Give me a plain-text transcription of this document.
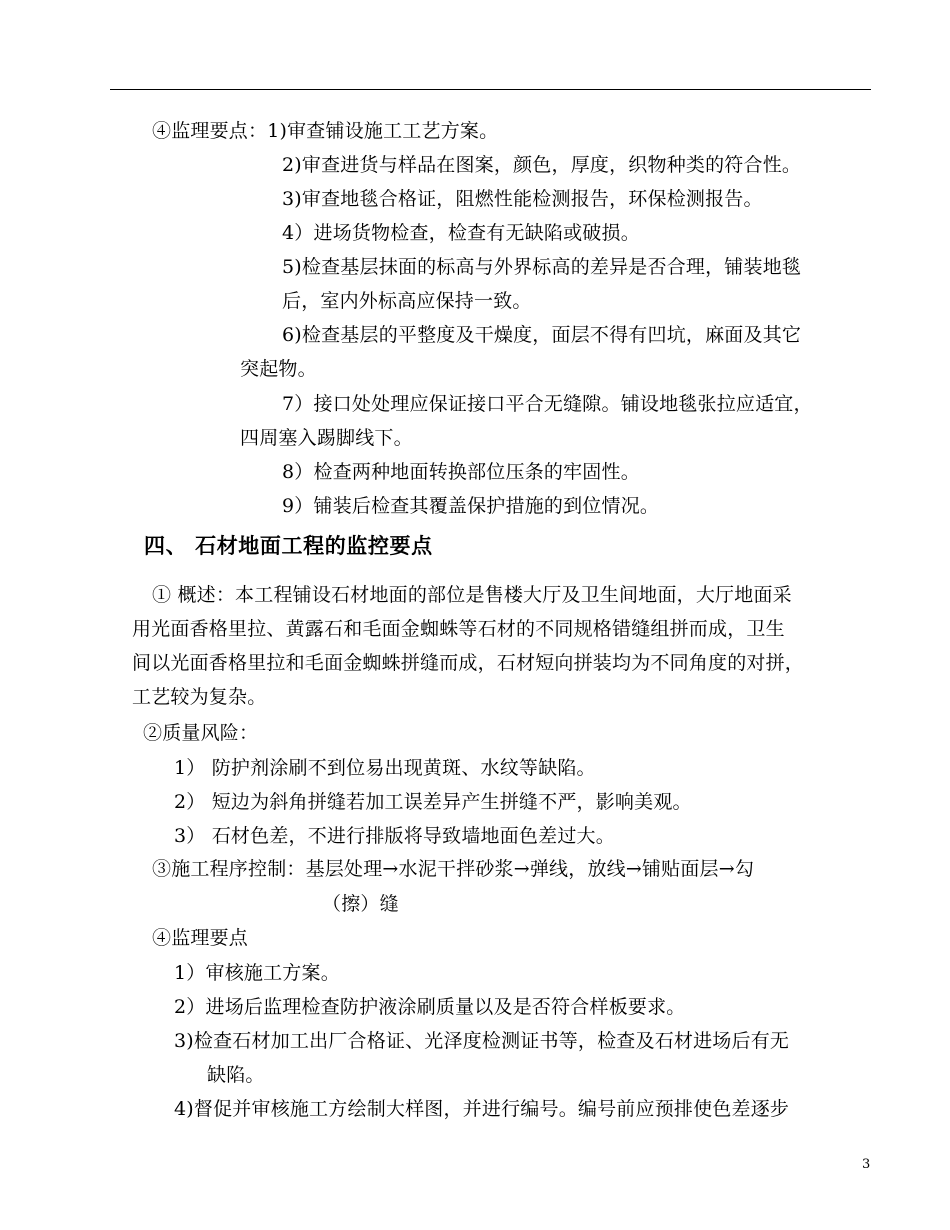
④监理要点：1)审查铺设施工工艺方案。
2)审查进货与样品在图案，颜色，厚度，织物种类的符合性。
3)审查地毯合格证，阻燃性能检测报告，环保检测报告。
4）进场货物检查，检查有无缺陷或破损。
5)检查基层抹面的标高与外界标高的差异是否合理，铺装地毯
后，室内外标高应保持一致。
6)检查基层的平整度及干燥度，面层不得有凹坑，麻面及其它
突起物。
7）接口处处理应保证接口平合无缝隙。铺设地毯张拉应适宜，
四周塞入踢脚线下。
8）检查两种地面转换部位压条的牢固性。
9）铺装后检查其覆盖保护措施的到位情况。
四、 石材地面工程的监控要点
① 概述：本工程铺设石材地面的部位是售楼大厅及卫生间地面，大厅地面采
用光面香格里拉、黄露石和毛面金蜘蛛等石材的不同规格错缝组拼而成，卫生
间以光面香格里拉和毛面金蜘蛛拼缝而成，石材短向拼装均为不同角度的对拼，
工艺较为复杂。
②质量风险：
1） 防护剂涂刷不到位易出现黄斑、水纹等缺陷。
2） 短边为斜角拼缝若加工误差异产生拼缝不严，影响美观。
3） 石材色差，不进行排版将导致墙地面色差过大。
③施工程序控制：基层处理→水泥干拌砂浆→弹线，放线→铺贴面层→勾
（擦）缝
④监理要点
1）审核施工方案。
2）进场后监理检查防护液涂刷质量以及是否符合样板要求。
3)检查石材加工出厂合格证、光泽度检测证书等，检查及石材进场后有无
缺陷。
4)督促并审核施工方绘制大样图，并进行编号。编号前应预排使色差逐步
3
